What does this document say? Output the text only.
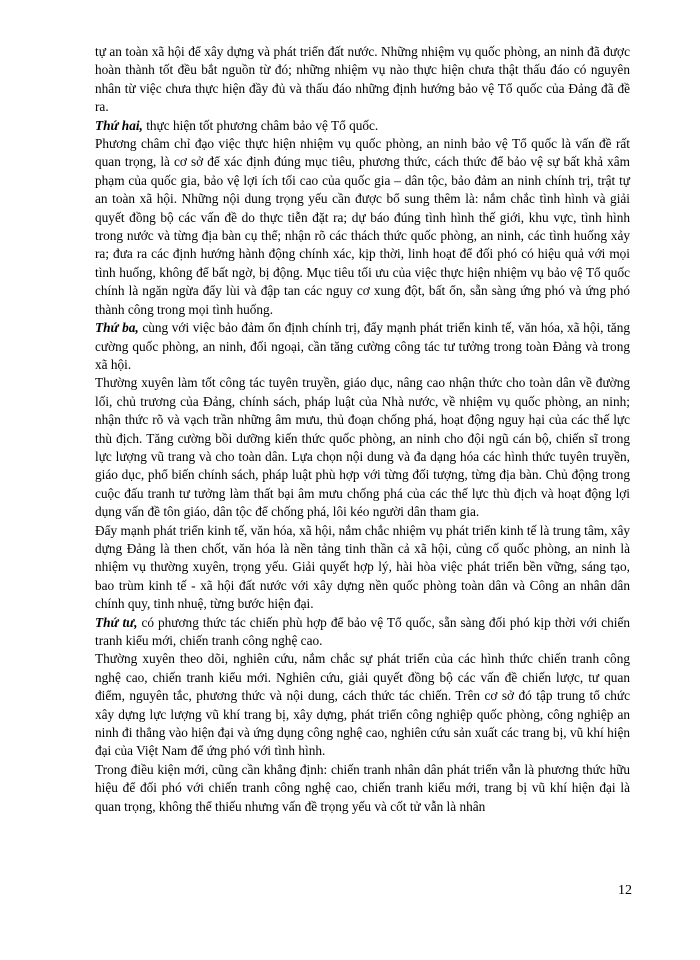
tự an toàn xã hội để xây dựng và phát triển đất nước. Những nhiệm vụ quốc phòng, an ninh đã được hoàn thành tốt đều bắt nguồn từ đó; những nhiệm vụ nào thực hiện chưa thật thấu đáo có nguyên nhân từ việc chưa thực hiện đầy đủ và thấu đáo những định hướng bảo vệ Tổ quốc của Đảng đã đề ra.

Thứ hai, thực hiện tốt phương châm bảo vệ Tổ quốc.

Phương châm chỉ đạo việc thực hiện nhiệm vụ quốc phòng, an ninh bảo vệ Tổ quốc là vấn đề rất quan trọng, là cơ sở để xác định đúng mục tiêu, phương thức, cách thức để bảo vệ sự bất khả xâm phạm của quốc gia, bảo vệ lợi ích tối cao của quốc gia – dân tộc, bảo đảm an ninh chính trị, trật tự an toàn xã hội. Những nội dung trọng yếu cần được bổ sung thêm là: nắm chắc tình hình và giải quyết đồng bộ các vấn đề do thực tiễn đặt ra; dự báo đúng tình hình thế giới, khu vực, tình hình trong nước và từng địa bàn cụ thể; nhận rõ các thách thức quốc phòng, an ninh, các tình huống xảy ra; đưa ra các định hướng hành động chính xác, kịp thời, linh hoạt để đối phó có hiệu quả với mọi tình huống, không để bất ngờ, bị động. Mục tiêu tối ưu của việc thực hiện nhiệm vụ bảo vệ Tổ quốc chính là ngăn ngừa đẩy lùi và đập tan các nguy cơ xung đột, bất ổn, sẵn sàng ứng phó và ứng phó thành công trong mọi tình huống.

Thứ ba, cùng với việc bảo đảm ổn định chính trị, đẩy mạnh phát triển kinh tế, văn hóa, xã hội, tăng cường quốc phòng, an ninh, đối ngoại, cần tăng cường công tác tư tưởng trong toàn Đảng và trong xã hội.

Thường xuyên làm tốt công tác tuyên truyền, giáo dục, nâng cao nhận thức cho toàn dân về đường lối, chủ trương của Đảng, chính sách, pháp luật của Nhà nước, về nhiệm vụ quốc phòng, an ninh; nhận thức rõ và vạch trần những âm mưu, thủ đoạn chống phá, hoạt động nguy hại của các thế lực thù địch. Tăng cường bồi dưỡng kiến thức quốc phòng, an ninh cho đội ngũ cán bộ, chiến sĩ trong lực lượng vũ trang và cho toàn dân. Lựa chọn nội dung và đa dạng hóa các hình thức tuyên truyền, giáo dục, phổ biến chính sách, pháp luật phù hợp với từng đối tượng, từng địa bàn. Chủ động trong cuộc đấu tranh tư tưởng làm thất bại âm mưu chống phá của các thế lực thù địch và hoạt động lợi dụng vấn đề tôn giáo, dân tộc để chống phá, lôi kéo người dân tham gia.

Đẩy mạnh phát triển kinh tế, văn hóa, xã hội, nắm chắc nhiệm vụ phát triển kinh tế là trung tâm, xây dựng Đảng là then chốt, văn hóa là nền tảng tinh thần cả xã hội, củng cố quốc phòng, an ninh là nhiệm vụ thường xuyên, trọng yếu. Giải quyết hợp lý, hài hòa việc phát triển bền vững, sáng tạo, bao trùm kinh tế - xã hội đất nước với xây dựng nền quốc phòng toàn dân và Công an nhân dân chính quy, tinh nhuệ, từng bước hiện đại.

Thứ tư, có phương thức tác chiến phù hợp để bảo vệ Tổ quốc, sẵn sàng đối phó kịp thời với chiến tranh kiểu mới, chiến tranh công nghệ cao.

Thường xuyên theo dõi, nghiên cứu, nắm chắc sự phát triển của các hình thức chiến tranh công nghệ cao, chiến tranh kiểu mới. Nghiên cứu, giải quyết đồng bộ các vấn đề chiến lược, tư quan điểm, nguyên tắc, phương thức và nội dung, cách thức tác chiến. Trên cơ sở đó tập trung tổ chức xây dựng lực lượng vũ khí trang bị, xây dựng, phát triển công nghiệp quốc phòng, công nghiệp an ninh đi thẳng vào hiện đại và ứng dụng công nghệ cao, nghiên cứu sản xuất các trang bị, vũ khí hiện đại của Việt Nam để ứng phó với tình hình.

Trong điều kiện mới, cũng cần khẳng định: chiến tranh nhân dân phát triển vẫn là phương thức hữu hiệu để đối phó với chiến tranh công nghệ cao, chiến tranh kiểu mới, trang bị vũ khí hiện đại là quan trọng, không thể thiếu nhưng vấn đề trọng yếu và cốt tử vẫn là nhân

12
